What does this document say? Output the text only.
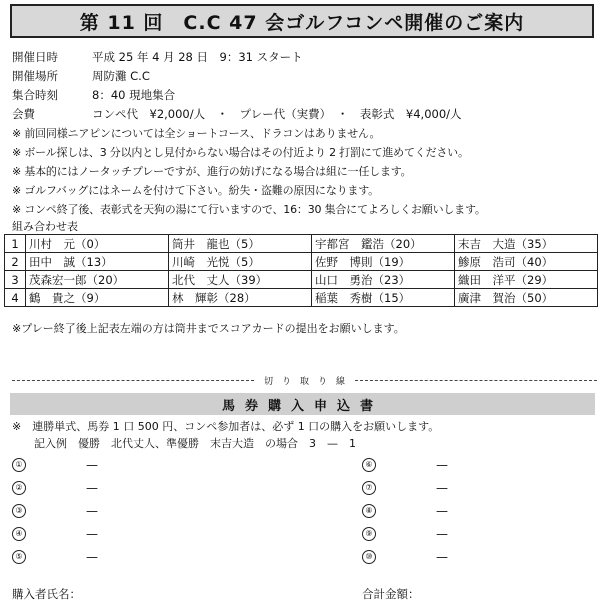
第 11 回　C.C 47 会ゴルフコンペ開催のご案内
開催日時	平成 25 年 4 月 28 日　9：31 スタート
開催場所	周防灘 C.C
集合時刻	8：40 現地集合
会費	コンペ代　¥2,000/人　・　プレー代（実費）　・　表彰式　¥4,000/人
※ 前回同様ニアピンについては全ショートコース、ドラコンはありません。
※ ボール探しは、3 分以内とし見付からない場合はその付近より 2 打罰にて進めてください。
※ 基本的にはノータッチプレーですが、進行の妨げになる場合は組に一任します。
※ ゴルフバッグにはネームを付けて下さい。紛失・盗難の原因になります。
※ コンペ終了後、表彰式を天狗の湯にて行いますので、16：30 集合にてよろしくお願いします。
組み合わせ表
1	川村　元（0）	筒井　龍也（5）	宇都宮　鑑浩（20）	末吉　大造（35）
2	田中　誠（13）	川崎　光悦（5）	佐野　博則（19）	鯵原　浩司（40）
3	茂森宏一郎（20）	北代　丈人（39）	山口　勇治（23）	織田　洋平（29）
4	鶴　貴之（9）	林　輝彰（28）	稲葉　秀樹（15）	廣津　賀治（50）
※プレー終了後上記表左端の方は筒井までスコアカードの提出をお願いします。
切　り　取　り　線
馬券購入申込書
※　連勝単式、馬券 1 口 500 円、コンペ参加者は、必ず 1 口の購入をお願いします。
　　記入例　優勝　北代丈人、準優勝　末吉大造　の場合　3　—　1
①	—
②	—
③	—
④	—
⑤	—
⑥	—
⑦	—
⑧	—
⑨	—
⑩	—
購入者氏名：	合計金額：
